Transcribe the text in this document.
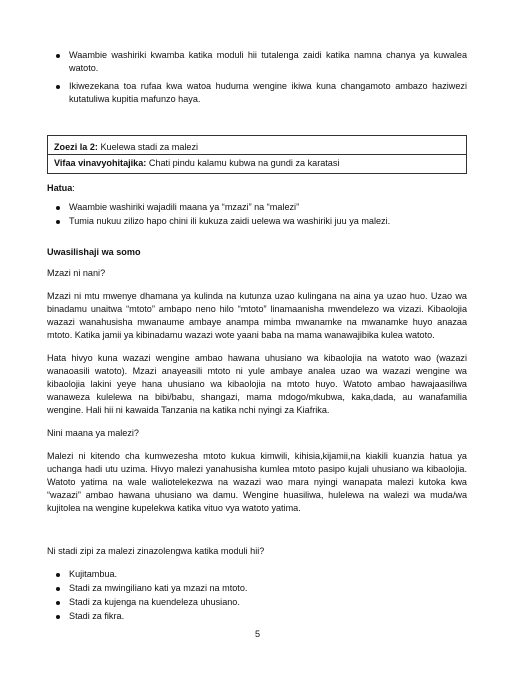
Waambie washiriki kwamba katika moduli hii tutalenga zaidi katika namna chanya ya kuwalea watoto.
Ikiwezekana toa rufaa kwa watoa huduma wengine ikiwa kuna changamoto ambazo haziwezi kutatuliwa kupitia mafunzo haya.
Zoezi la 2: Kuelewa stadi za malezi
Vifaa vinavyohitajika: Chati pindu kalamu kubwa na gundi za karatasi
Hatua:
Waambie washiriki wajadili maana ya “mzazi” na “malezi”
Tumia nukuu zilizo hapo chini ili kukuza zaidi uelewa wa washiriki juu ya malezi.
Uwasilishaji wa somo

Mzazi ni nani?

Mzazi ni mtu mwenye dhamana ya kulinda na kutunza uzao kulingana na aina ya uzao huo. Uzao wa binadamu unaitwa “mtoto” ambapo neno hilo “mtoto” linamaanisha mwendelezo wa vizazi. Kibaolojia wazazi wanahusisha mwanaume ambaye anampa mimba mwanamke na mwanamke huyo anazaa mtoto. Katika jamii ya kibinadamu wazazi wote yaani baba na mama wanawajibika kulea watoto.

Hata hivyo kuna wazazi wengine ambao hawana uhusiano wa kibaolojia na watoto wao (wazazi wanaoasili watoto). Mzazi anayeasili mtoto ni yule ambaye analea uzao wa wazazi wengine wa kibaolojia lakini yeye hana uhusiano wa kibaolojia na mtoto huyo. Watoto ambao hawajaasiliwa wanaweza kulelewa na bibi/babu, shangazi, mama mdogo/mkubwa, kaka,dada, au wanafamilia wengine. Hali hii ni kawaida Tanzania na katika nchi nyingi za Kiafrika.

Nini maana ya malezi?

Malezi ni kitendo cha kumwezesha mtoto kukua kimwili, kihisia,kijamii,na kiakili kuanzia hatua ya uchanga hadi utu uzima. Hivyo malezi yanahusisha kumlea mtoto pasipo kujali uhusiano wa kibaolojia. Watoto yatima na wale waliotelekezwa na wazazi wao mara nyingi wanapata malezi kutoka kwa “wazazi” ambao hawana uhusiano wa damu. Wengine huasiliwa, hulelewa na walezi wa muda/wa kujitolea na wengine kupelekwa katika vituo vya watoto yatima.

Ni stadi zipi za malezi zinazolengwa katika moduli hii?

Kujitambua.
Stadi za mwingiliano kati ya mzazi na mtoto.
Stadi za kujenga na kuendeleza uhusiano.
Stadi za fikra.
5
